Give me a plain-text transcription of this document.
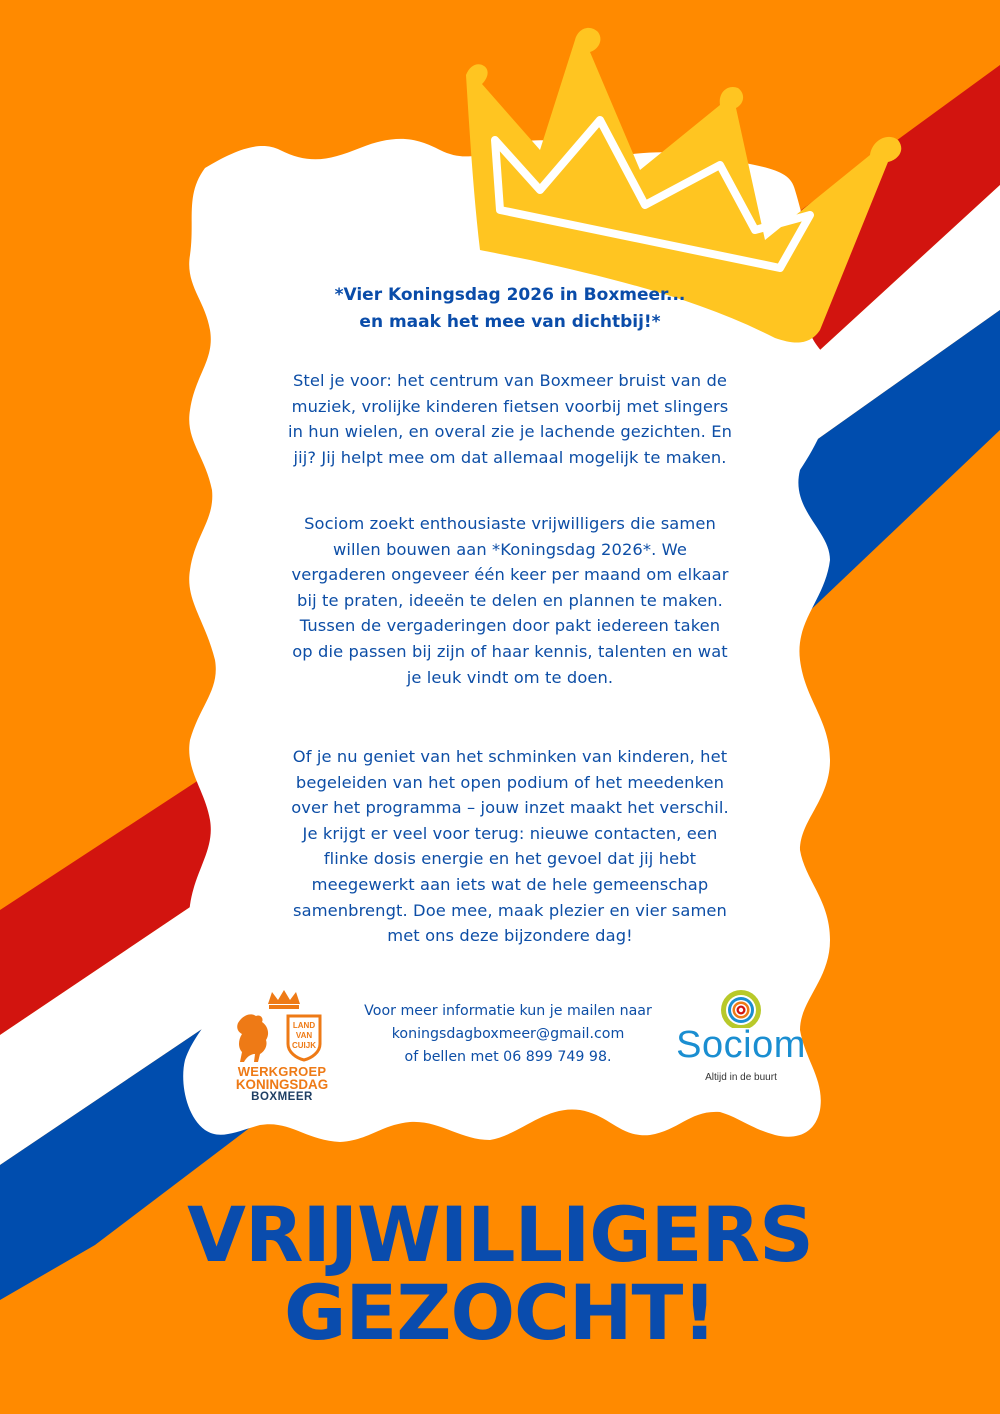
*Vier Koningsdag 2026 in Boxmeer...

en maak het mee van dichtbij!*

Stel je voor: het centrum van Boxmeer bruist van de

muziek, vrolijke kinderen fietsen voorbij met slingers

in hun wielen, en overal zie je lachende gezichten. En

jij? Jij helpt mee om dat allemaal mogelijk te maken.

Sociom zoekt enthousiaste vrijwilligers die samen

willen bouwen aan *Koningsdag 2026*. We

vergaderen ongeveer één keer per maand om elkaar

bij te praten, ideeën te delen en plannen te maken.

Tussen de vergaderingen door pakt iedereen taken

op die passen bij zijn of haar kennis, talenten en wat

je leuk vindt om te doen.

Of je nu geniet van het schminken van kinderen, het

begeleiden van het open podium of het meedenken

over het programma – jouw inzet maakt het verschil.

Je krijgt er veel voor terug: nieuwe contacten, een

flinke dosis energie en het gevoel dat jij hebt

meegewerkt aan iets wat de hele gemeenschap

samenbrengt. Doe mee, maak plezier en vier samen

met ons deze bijzondere dag!

LAND
VAN
CUIJK
WERKGROEP
KONINGSDAG
BOXMEER
Voor meer informatie kun je mailen naar
koningsdagboxmeer@gmail.com
of bellen met 06 899 749 98.	Sociom
Altijd in de buurt
VRIJWILLIGERS
GEZOCHT!
